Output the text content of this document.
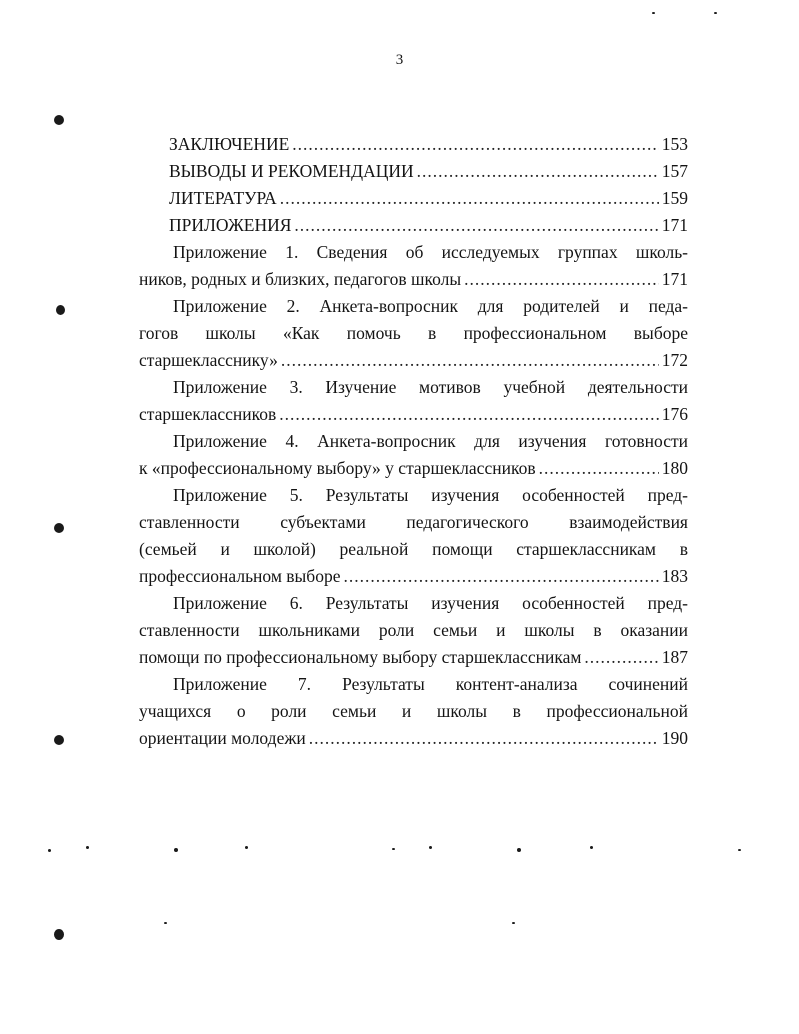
3
ЗАКЛЮЧЕНИЕ .....	153
ВЫВОДЫ И РЕКОМЕНДАЦИИ .....	157
ЛИТЕРАТУРА .....	159
ПРИЛОЖЕНИЯ .....	171
Приложение 1. Сведения об исследуемых группах школь-
ников, родных и близких, педагогов школы .....	171
Приложение 2. Анкета-вопросник для родителей и педа-
гогов школы «Как помочь в профессиональном выборе
старшекласснику» .....	172
Приложение 3. Изучение мотивов учебной деятельности
старшеклассников .....	176
Приложение 4. Анкета-вопросник для изучения готовности
к «профессиональному выбору» у старшеклассников .....	180
Приложение 5. Результаты изучения особенностей пред-
ставленности субъектами педагогического взаимодействия
(семьей и школой) реальной помощи старшеклассникам в
профессиональном выборе .....	183
Приложение 6. Результаты изучения особенностей пред-
ставленности школьниками роли семьи и школы в оказании
помощи по профессиональному выбору старшеклассникам .....	187
Приложение 7. Результаты контент-анализа сочинений
учащихся о роли семьи и школы в профессиональной
ориентации молодежи .....	190
